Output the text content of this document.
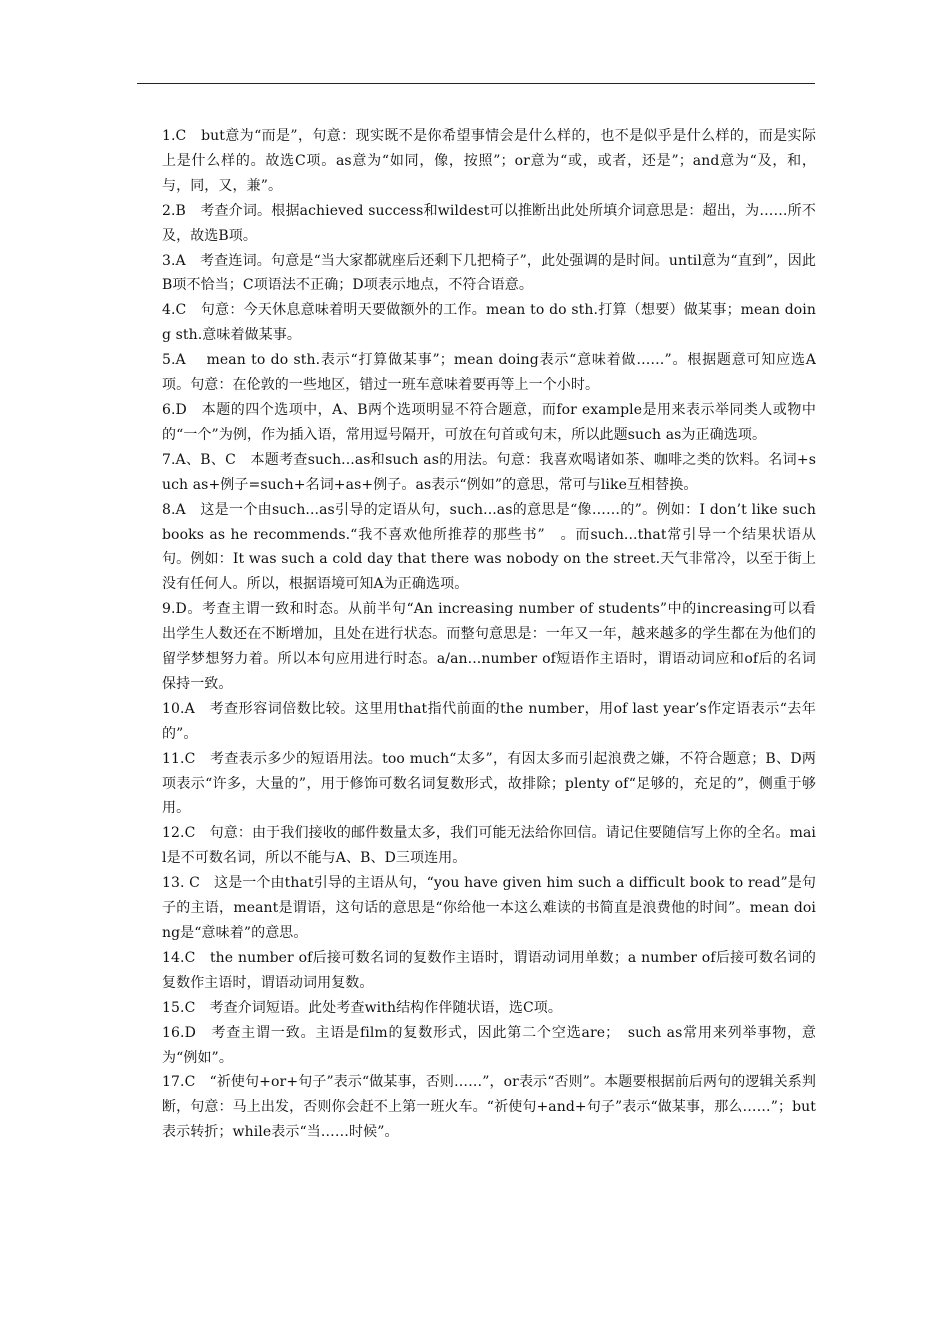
1.C　but意为“而是”，句意：现实既不是你希望事情会是什么样的，也不是似乎是什么样的，而是实际上是什么样的。故选C项。as意为“如同，像，按照”；or意为“或，或者，还是”；and意为“及，和，与，同，又，兼”。

2.B　考查介词。根据achieved success和wildest可以推断出此处所填介词意思是：超出，为……所不及，故选B项。

3.A　考查连词。句意是“当大家都就座后还剩下几把椅子”，此处强调的是时间。until意为“直到”，因此B项不恰当；C项语法不正确；D项表示地点，不符合语意。

4.C　句意：今天休息意味着明天要做额外的工作。mean to do sth.打算（想要）做某事；mean doing sth.意味着做某事。

5.A　 mean to do sth.表示“打算做某事”；mean doing表示“意味着做……”。根据题意可知应选A项。句意：在伦敦的一些地区，错过一班车意味着要再等上一个小时。

6.D　本题的四个选项中，A、B两个选项明显不符合题意，而for example是用来表示举同类人或物中的“一个”为例，作为插入语，常用逗号隔开，可放在句首或句末，所以此题such as为正确选项。

7.A、B、C　本题考查such...as和such as的用法。句意：我喜欢喝诸如茶、咖啡之类的饮料。名词+such as+例子=such+名词+as+例子。as表示“例如”的意思，常可与like互相替换。

8.A　这是一个由such...as引导的定语从句，such...as的意思是“像……的”。例如：I don’t like such books as he recommends.“我不喜欢他所推荐的那些书”　。而such...that常引导一个结果状语从句。例如：It was such a cold day that there was nobody on the street.天气非常冷，以至于街上没有任何人。所以，根据语境可知A为正确选项。

9.D。考查主谓一致和时态。从前半句“An increasing number of students”中的increasing可以看出学生人数还在不断增加，且处在进行状态。而整句意思是：一年又一年，越来越多的学生都在为他们的留学梦想努力着。所以本句应用进行时态。a/an...number of短语作主语时，谓语动词应和of后的名词保持一致。

10.A　考查形容词倍数比较。这里用that指代前面的the number，用of last year’s作定语表示“去年的”。

11.C　考查表示多少的短语用法。too much“太多”，有因太多而引起浪费之嫌，不符合题意；B、D两项表示“许多，大量的”，用于修饰可数名词复数形式，故排除；plenty of“足够的，充足的”，侧重于够用。

12.C　句意：由于我们接收的邮件数量太多，我们可能无法给你回信。请记住要随信写上你的全名。mail是不可数名词，所以不能与A、B、D三项连用。

13. C　这是一个由that引导的主语从句，“you have given him such a difficult book to read”是句子的主语，meant是谓语，这句话的意思是“你给他一本这么难读的书简直是浪费他的时间”。mean doing是“意味着”的意思。

14.C　the number of后接可数名词的复数作主语时，谓语动词用单数；a number of后接可数名词的复数作主语时，谓语动词用复数。

15.C　考查介词短语。此处考查with结构作伴随状语，选C项。

16.D　考查主谓一致。主语是film的复数形式，因此第二个空选are；　such as常用来列举事物，意为“例如”。

17.C　“祈使句+or+句子”表示“做某事，否则……”，or表示“否则”。本题要根据前后两句的逻辑关系判断，句意：马上出发，否则你会赶不上第一班火车。“祈使句+and+句子”表示“做某事，那么……”；but表示转折；while表示“当……时候”。
